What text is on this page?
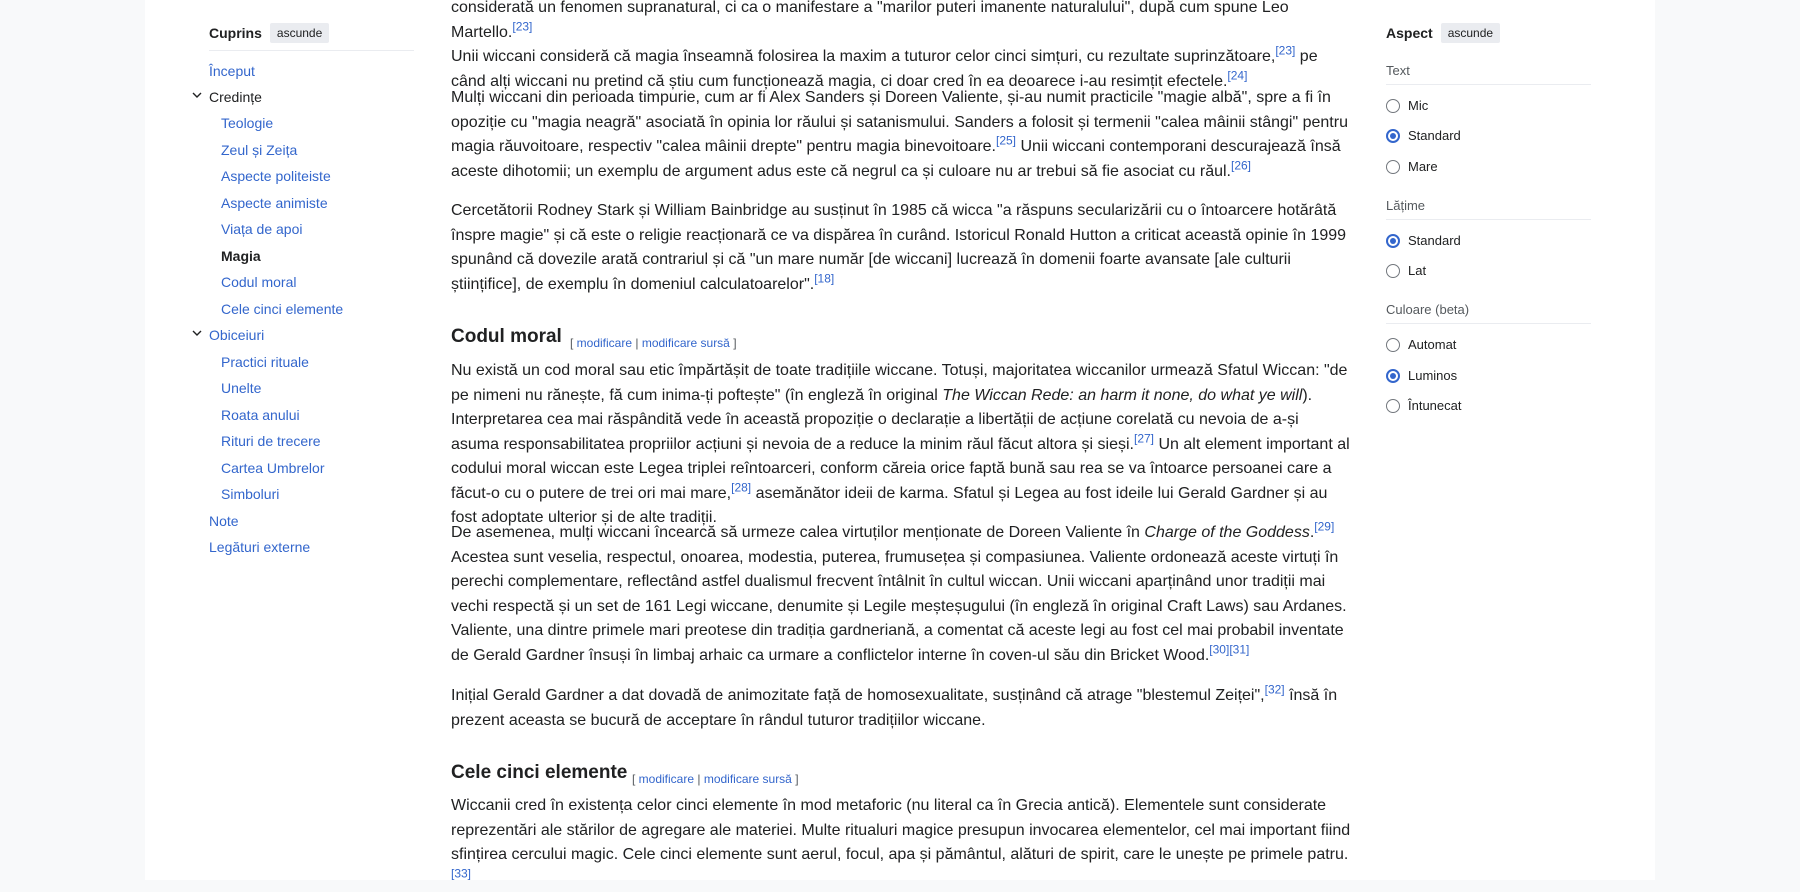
Cuprins	ascunde
Început
Credințe
Teologie
Zeul și Zeița
Aspecte politeiste
Aspecte animiste
Viața de apoi
Magia
Codul moral
Cele cinci elemente
Obiceiuri
Practici rituale
Unelte
Roata anului
Rituri de trecere
Cartea Umbrelor
Simboluri
Note
Legături externe

considerată un fenomen supranatural, ci ca o manifestare a "marilor puteri imanente naturalului", după cum spune Leo Martello.[23]
Unii wiccani consideră că magia înseamnă folosirea la maxim a tuturor celor cinci simțuri, cu rezultate suprinzătoare,[23] pe când alți wiccani nu pretind că știu cum funcționează magia, ci doar cred în ea deoarece i-au resimțit efectele.[24]

Mulți wiccani din perioada timpurie, cum ar fi Alex Sanders și Doreen Valiente, și-au numit practicile "magie albă", spre a fi în opoziție cu "magia neagră" asociată în opinia lor răului și satanismului. Sanders a folosit și termenii "calea mâinii stângi" pentru magia răuvoitoare, respectiv "calea mâinii drepte" pentru magia binevoitoare.[25] Unii wiccani contemporani descurajează însă aceste dihotomii; un exemplu de argument adus este că negrul ca și culoare nu ar trebui să fie asociat cu răul.[26]

Cercetătorii Rodney Stark și William Bainbridge au susținut în 1985 că wicca "a răspuns secularizării cu o întoarcere hotărâtă înspre magie" și că este o religie reacționară ce va dispărea în curând. Istoricul Ronald Hutton a criticat această opinie în 1999 spunând că dovezile arată contrariul și că "un mare număr [de wiccani] lucrează în domenii foarte avansate [ale culturii științifice], de exemplu în domeniul calculatoarelor".[18]

Codul moral [ modificare | modificare sursă ]

Nu există un cod moral sau etic împărtășit de toate tradițiile wiccane. Totuși, majoritatea wiccanilor urmează Sfatul Wiccan: "de pe nimeni nu rănește, fă cum inima-ți poftește" (în engleză în original The Wiccan Rede: an harm it none, do what ye will). Interpretarea cea mai răspândită vede în această propoziție o declarație a libertății de acțiune corelată cu nevoia de a-și asuma responsabilitatea propriilor acțiuni și nevoia de a reduce la minim răul făcut altora și sieși.[27] Un alt element important al codului moral wiccan este Legea triplei reîntoarceri, conform căreia orice faptă bună sau rea se va întoarce persoanei care a făcut-o cu o putere de trei ori mai mare,[28] asemănător ideii de karma. Sfatul și Legea au fost ideile lui Gerald Gardner și au fost adoptate ulterior și de alte tradiții.

De asemenea, mulți wiccani încearcă să urmeze calea virtuților menționate de Doreen Valiente în Charge of the Goddess.[29] Acestea sunt veselia, respectul, onoarea, modestia, puterea, frumusețea și compasiunea. Valiente ordonează aceste virtuți în perechi complementare, reflectând astfel dualismul frecvent întâlnit în cultul wiccan. Unii wiccani aparținând unor tradiții mai vechi respectă și un set de 161 Legi wiccane, denumite și Legile meșteșugului (în engleză în original Craft Laws) sau Ardanes. Valiente, una dintre primele mari preotese din tradiția gardneriană, a comentat că aceste legi au fost cel mai probabil inventate de Gerald Gardner însuși în limbaj arhaic ca urmare a conflictelor interne în coven-ul său din Bricket Wood.[30][31]

Inițial Gerald Gardner a dat dovadă de animozitate față de homosexualitate, susținând că atrage "blestemul Zeiței",[32] însă în prezent aceasta se bucură de acceptare în rândul tuturor tradițiilor wiccane.

Cele cinci elemente [ modificare | modificare sursă ]

Wiccanii cred în existența celor cinci elemente în mod metaforic (nu literal ca în Grecia antică). Elementele sunt considerate reprezentări ale stărilor de agregare ale materiei. Multe ritualuri magice presupun invocarea elementelor, cel mai important fiind sfințirea cercului magic. Cele cinci elemente sunt aerul, focul, apa și pământul, alături de spirit, care le unește pe primele patru.[33]

Aspect	ascunde
Text
Mic
Standard
Mare
Lățime
Standard
Lat
Culoare (beta)
Automat
Luminos
Întunecat
